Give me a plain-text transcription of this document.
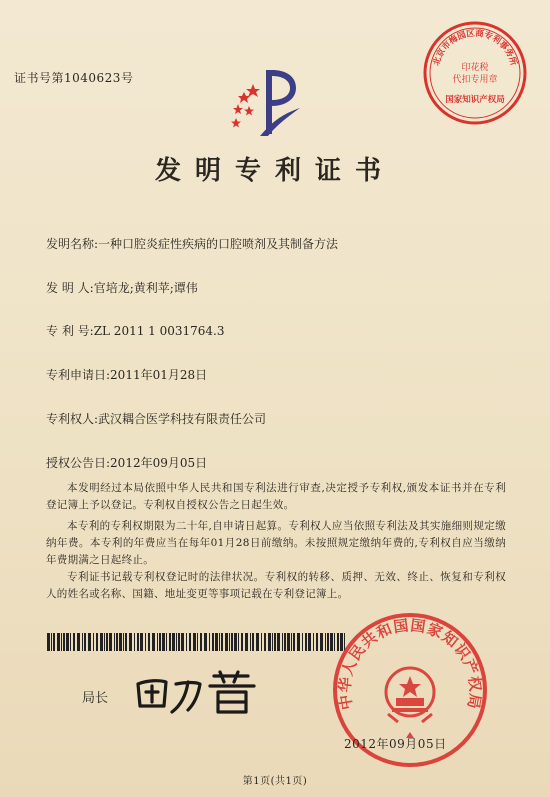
证书号第1040623号
北京市梅园区商专利事务所
印花税
代扣专用章
国家知识产权局
发明专利证书
发明名称:一种口腔炎症性疾病的口腔喷剂及其制备方法
发 明 人:官培龙;黄利苹;谭伟
专 利 号:ZL 2011 1 0031764.3
专利申请日:2011年01月28日
专利权人:武汉耦合医学科技有限责任公司
授权公告日:2012年09月05日
本发明经过本局依照中华人民共和国专利法进行审查,决定授予专利权,颁发本证书并在专利登记簿上予以登记。专利权自授权公告之日起生效。
本专利的专利权期限为二十年,自申请日起算。专利权人应当依照专利法及其实施细则规定缴纳年费。本专利的年费应当在每年01月28日前缴纳。未按照规定缴纳年费的,专利权自应当缴纳年费期满之日起终止。
专利证书记载专利权登记时的法律状况。专利权的转移、质押、无效、终止、恢复和专利权人的姓名或名称、国籍、地址变更等事项记载在专利登记簿上。
局长	中华人民共和国国家知识产权局
2012年09月05日
第1页(共1页)
